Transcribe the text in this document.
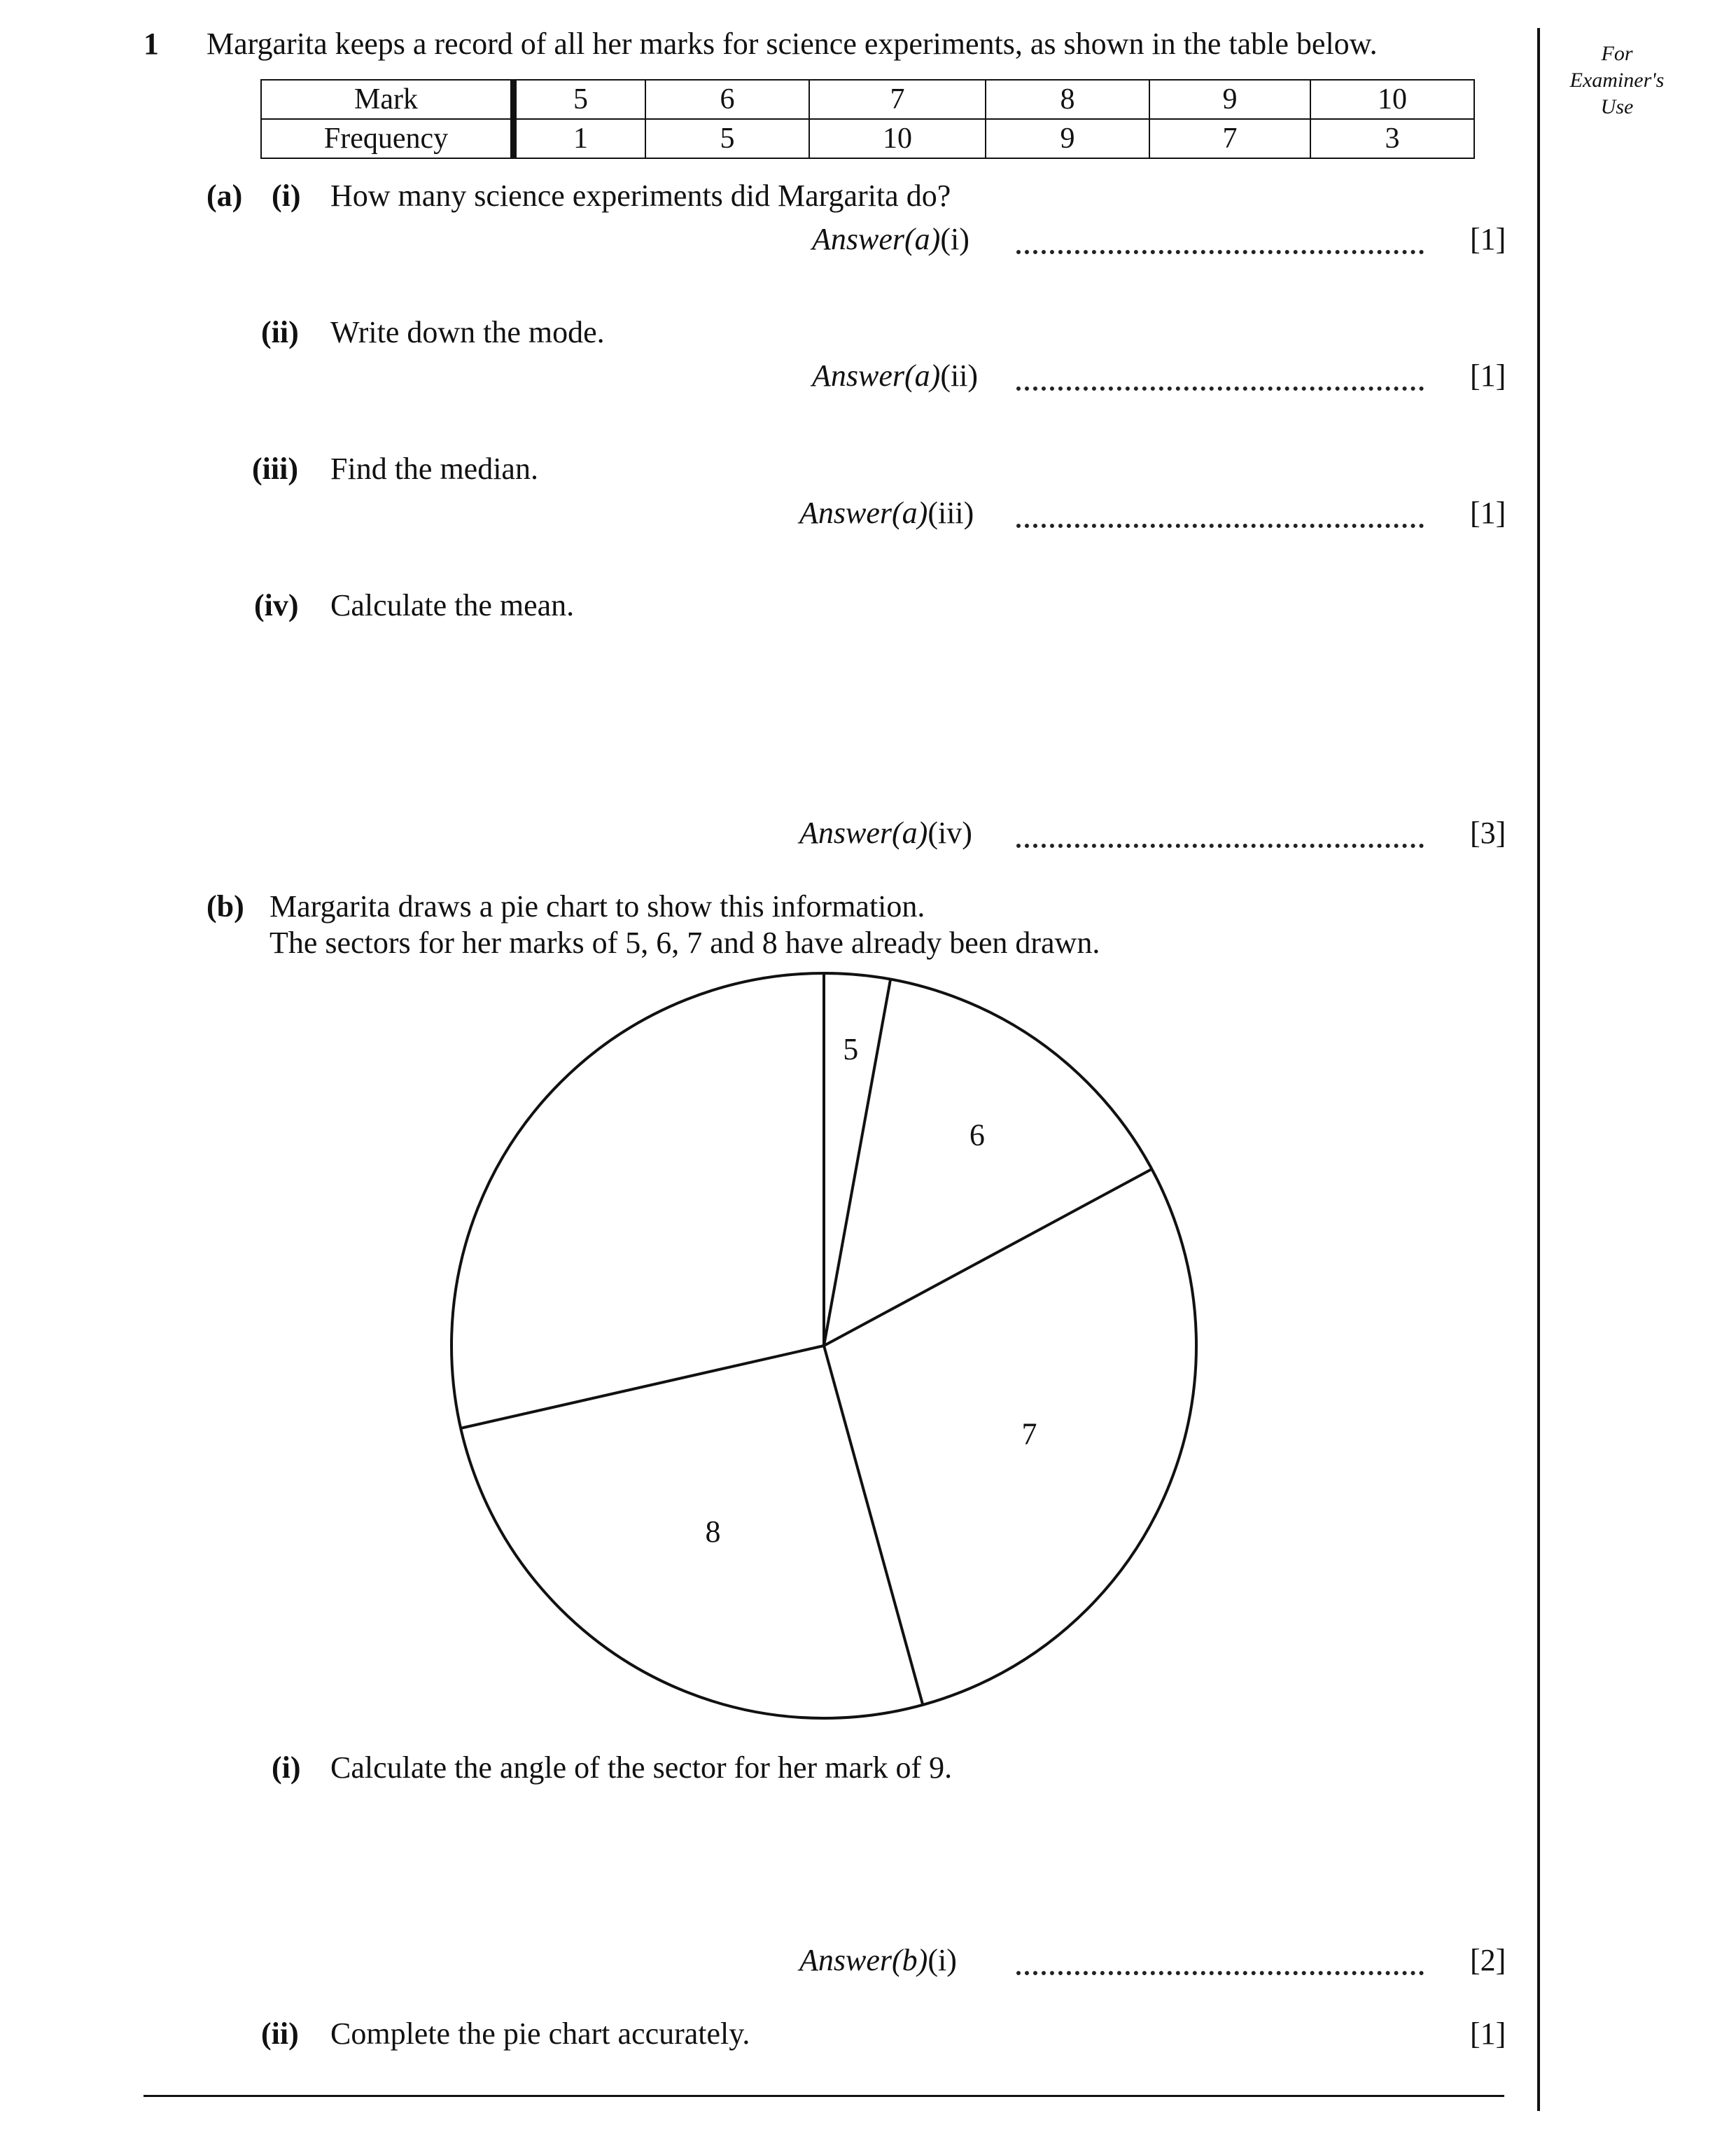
1 Margarita keeps a record of all her marks for science experiments, as shown in the table below.	For
Examiner's
Use
Mark	5	6	7	8	9	10
Frequency	1	5	10	9	7	3
(a) (i) How many science experiments did Margarita do?
Answer(a)(i)	[1]
(ii) Write down the mode.
Answer(a)(ii)	[1]
(iii) Find the median.
Answer(a)(iii)	[1]
(iv) Calculate the mean.
Answer(a)(iv)	[3]
(b) Margarita draws a pie chart to show this information.
The sectors for her marks of 5, 6, 7 and 8 have already been drawn.
5
6
7
8
(i) Calculate the angle of the sector for her mark of 9.
Answer(b)(i)	[2]
(ii) Complete the pie chart accurately.	[1]
